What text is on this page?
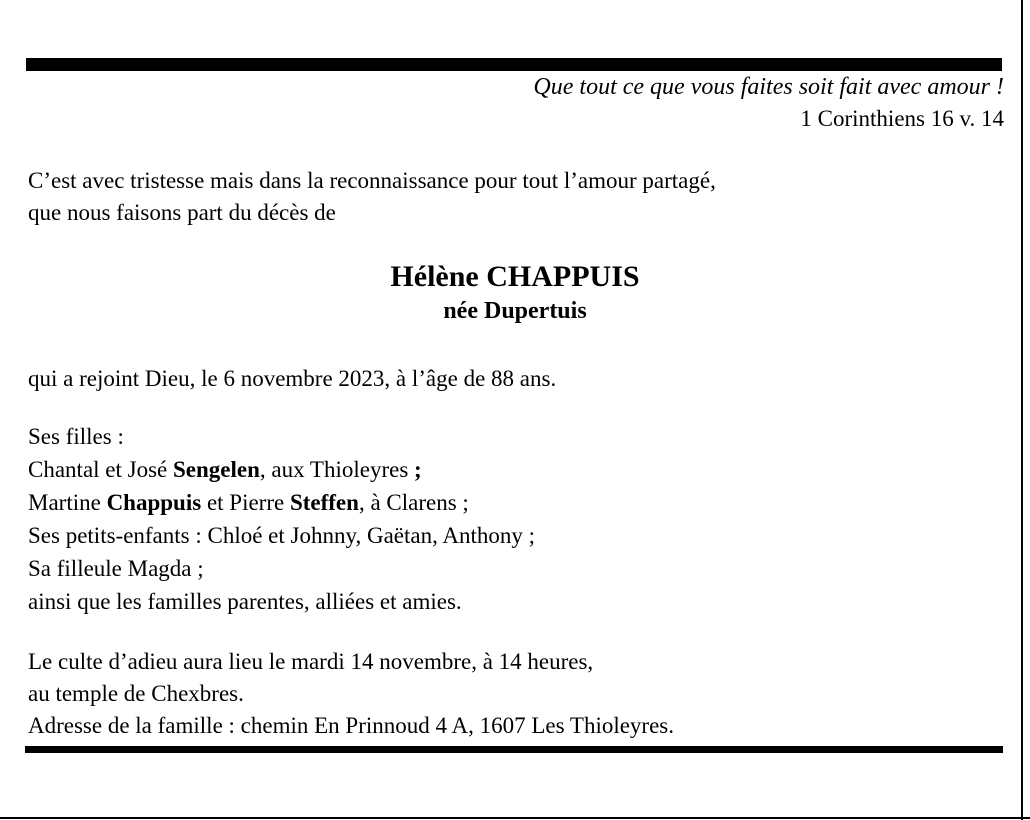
Que tout ce que vous faites soit fait avec amour !
1 Corinthiens 16 v. 14
C’est avec tristesse mais dans la reconnaissance pour tout l’amour partagé,
que nous faisons part du décès de
Hélène CHAPPUIS
née Dupertuis
qui a rejoint Dieu, le 6 novembre 2023, à l’âge de 88 ans.
Ses filles :
Chantal et José Sengelen, aux Thioleyres ;
Martine Chappuis et Pierre Steffen, à Clarens ;
Ses petits-enfants : Chloé et Johnny, Gaëtan, Anthony ;
Sa filleule Magda ;
ainsi que les familles parentes, alliées et amies.
Le culte d’adieu aura lieu le mardi 14 novembre, à 14 heures,
au temple de Chexbres.
Adresse de la famille : chemin En Prinnoud 4 A, 1607 Les Thioleyres.
